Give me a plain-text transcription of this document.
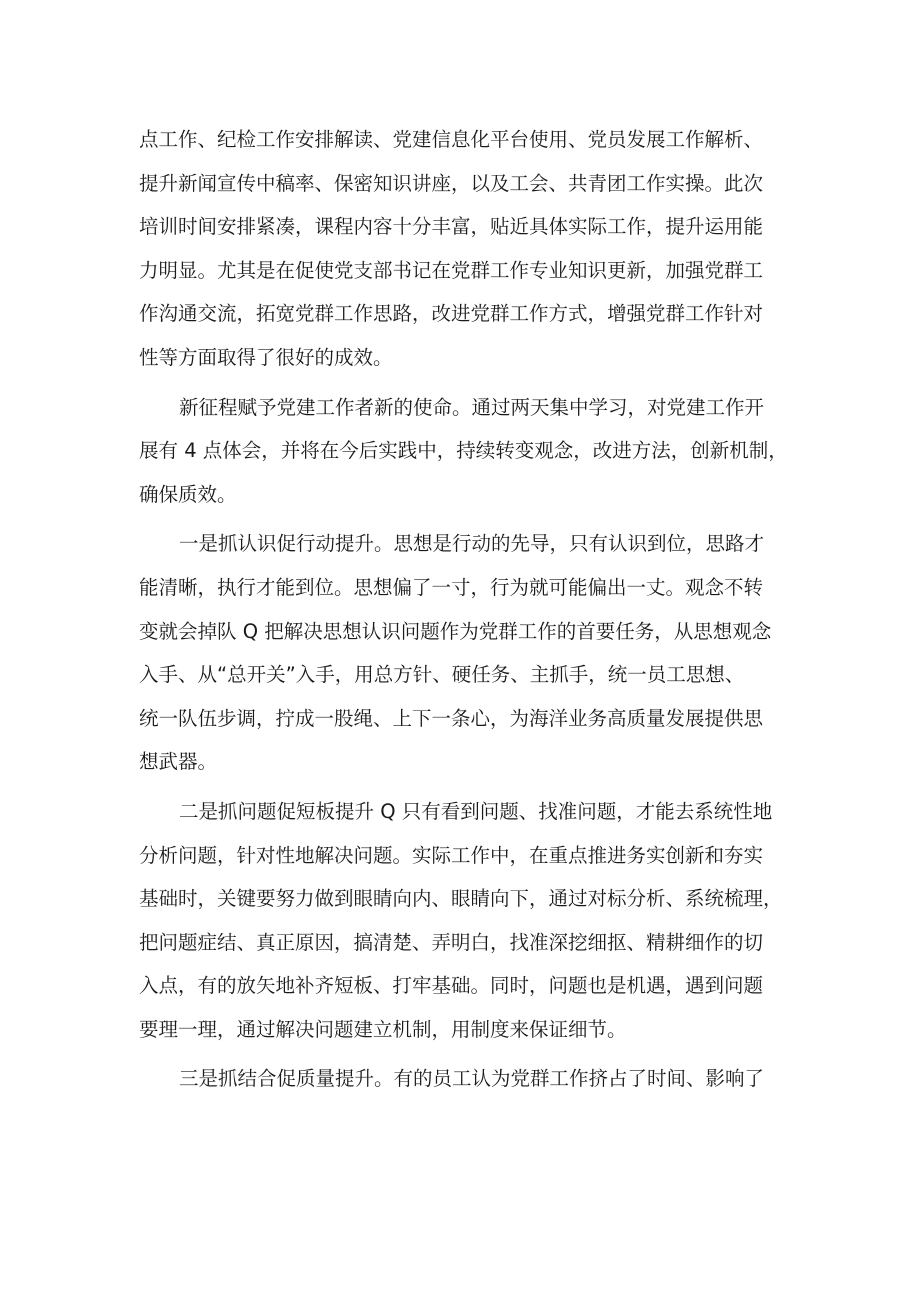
点工作、纪检工作安排解读、党建信息化平台使用、党员发展工作解析、
提升新闻宣传中稿率、保密知识讲座，以及工会、共青团工作实操。此次
培训时间安排紧凑，课程内容十分丰富，贴近具体实际工作，提升运用能
力明显。尤其是在促使党支部书记在党群工作专业知识更新，加强党群工
作沟通交流，拓宽党群工作思路，改进党群工作方式，增强党群工作针对
性等方面取得了很好的成效。
新征程赋予党建工作者新的使命。通过两天集中学习，对党建工作开
展有 4 点体会，并将在今后实践中，持续转变观念，改进方法，创新机制，
确保质效。
一是抓认识促行动提升。思想是行动的先导，只有认识到位，思路才
能清晰，执行才能到位。思想偏了一寸，行为就可能偏出一丈。观念不转
变就会掉队 Q 把解决思想认识问题作为党群工作的首要任务，从思想观念
入手、从“总开关”入手，用总方针、硬任务、主抓手，统一员工思想、
统一队伍步调，拧成一股绳、上下一条心，为海洋业务高质量发展提供思
想武器。
二是抓问题促短板提升 Q 只有看到问题、找准问题，才能去系统性地
分析问题，针对性地解决问题。实际工作中，在重点推进务实创新和夯实
基础时，关键要努力做到眼睛向内、眼睛向下，通过对标分析、系统梳理，
把问题症结、真正原因，搞清楚、弄明白，找准深挖细抠、精耕细作的切
入点，有的放矢地补齐短板、打牢基础。同时，问题也是机遇，遇到问题
要理一理，通过解决问题建立机制，用制度来保证细节。
三是抓结合促质量提升。有的员工认为党群工作挤占了时间、影响了
